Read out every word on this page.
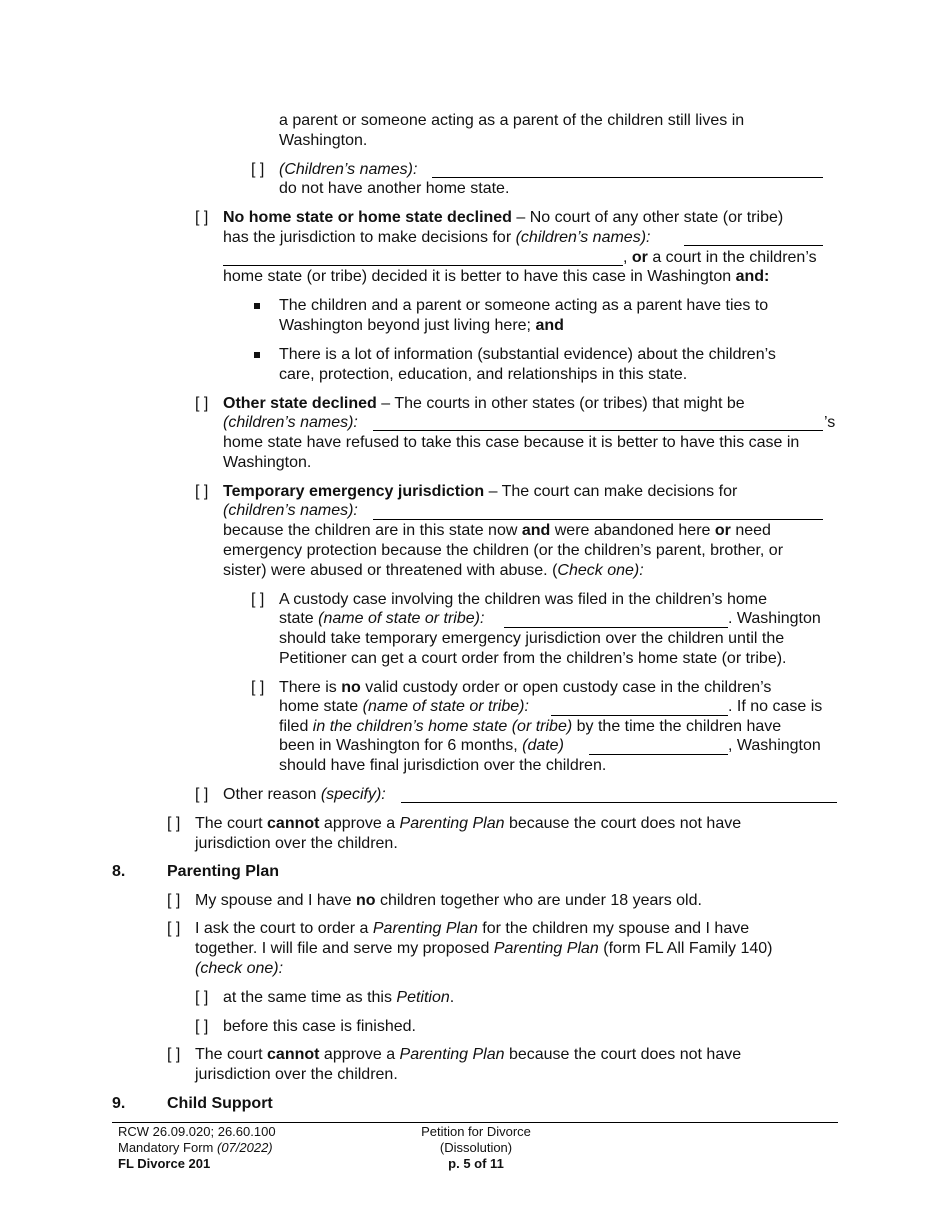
a parent or someone acting as a parent of the children still lives in
Washington.
[ ] (Children’s names):
do not have another home state.
[ ] No home state or home state declined – No court of any other state (or tribe)
has the jurisdiction to make decisions for (children’s names):
, or a court in the children’s
home state (or tribe) decided it is better to have this case in Washington and:
The children and a parent or someone acting as a parent have ties to
Washington beyond just living here; and
There is a lot of information (substantial evidence) about the children’s
care, protection, education, and relationships in this state.
[ ] Other state declined – The courts in other states (or tribes) that might be
(children’s names):	’s
home state have refused to take this case because it is better to have this case in
Washington.
[ ] Temporary emergency jurisdiction – The court can make decisions for
(children’s names):
because the children are in this state now and were abandoned here or need
emergency protection because the children (or the children’s parent, brother, or
sister) were abused or threatened with abuse. (Check one):
[ ] A custody case involving the children was filed in the children’s home
state (name of state or tribe):	. Washington
should take temporary emergency jurisdiction over the children until the
Petitioner can get a court order from the children’s home state (or tribe).
[ ] There is no valid custody order or open custody case in the children’s
home state (name of state or tribe):	. If no case is
filed in the children’s home state (or tribe) by the time the children have
been in Washington for 6 months, (date)	, Washington
should have final jurisdiction over the children.
[ ] Other reason (specify):
[ ] The court cannot approve a Parenting Plan because the court does not have
jurisdiction over the children.
8.	Parenting Plan
[ ] My spouse and I have no children together who are under 18 years old.
[ ] I ask the court to order a Parenting Plan for the children my spouse and I have
together. I will file and serve my proposed Parenting Plan (form FL All Family 140)
(check one):
[ ] at the same time as this Petition.
[ ] before this case is finished.
[ ] The court cannot approve a Parenting Plan because the court does not have
jurisdiction over the children.
9.	Child Support
RCW 26.09.020; 26.60.100
Mandatory Form (07/2022)
FL Divorce 201
Petition for Divorce
(Dissolution)
p. 5 of 11
